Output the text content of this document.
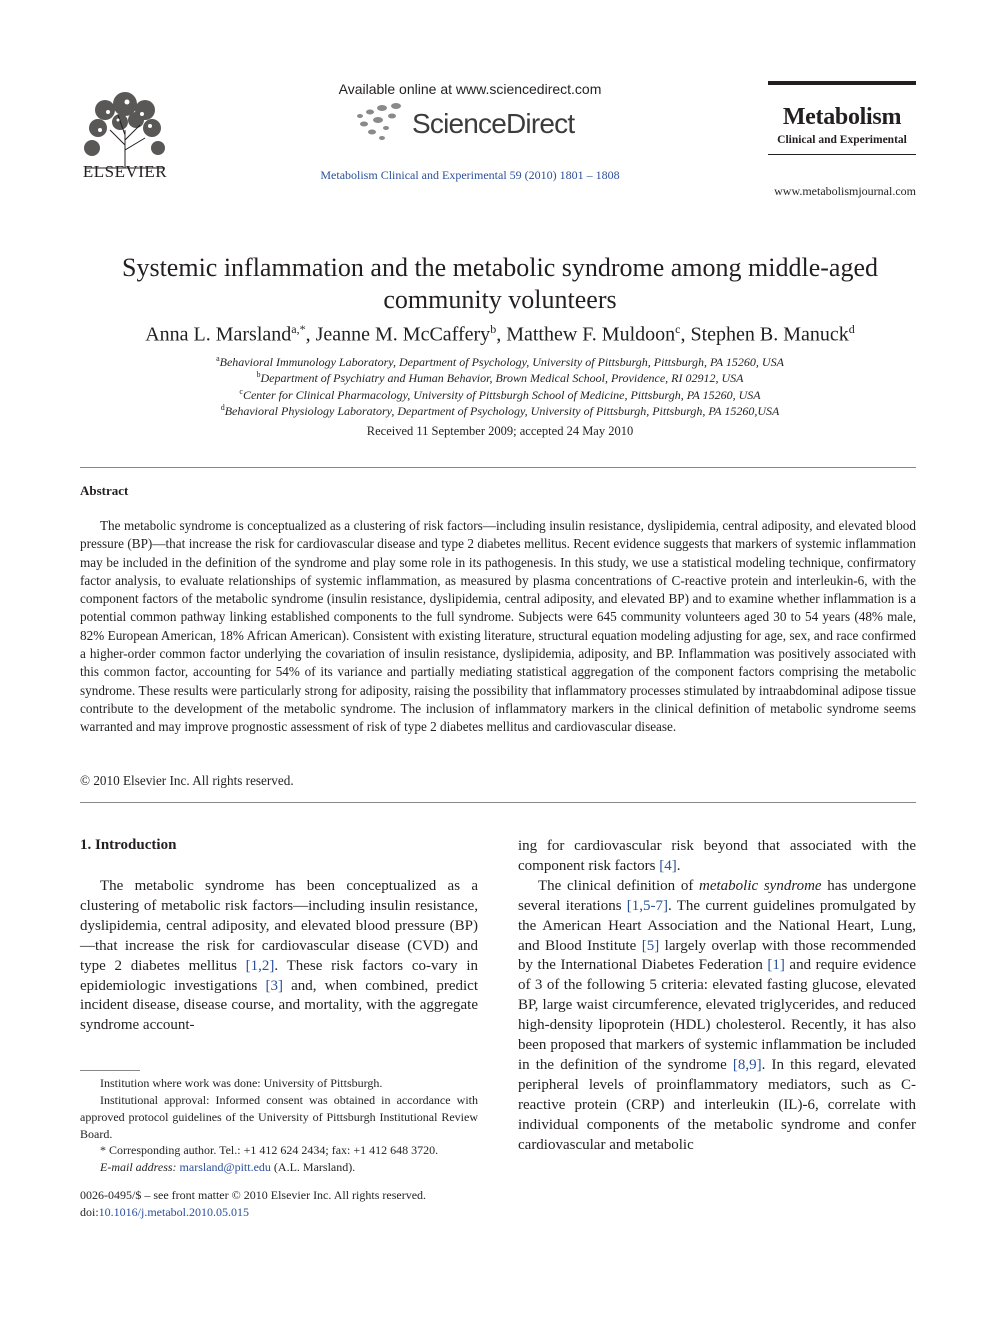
ELSEVIER
Available online at www.sciencedirect.com
ScienceDirect
Metabolism Clinical and Experimental 59 (2010) 1801 – 1808
Metabolism
Clinical and Experimental
www.metabolismjournal.com
Systemic inflammation and the metabolic syndrome among middle-aged
community volunteers
Anna L. Marsland$^{a,*}$, Jeanne M. McCaffery$^b$, Matthew F. Muldoon$^c$, Stephen B. Manuck$^d$
$^a$Behavioral Immunology Laboratory, Department of Psychology, University of Pittsburgh, Pittsburgh, PA 15260, USA
$^b$Department of Psychiatry and Human Behavior, Brown Medical School, Providence, RI 02912, USA
$^c$Center for Clinical Pharmacology, University of Pittsburgh School of Medicine, Pittsburgh, PA 15260, USA
$^d$Behavioral Physiology Laboratory, Department of Psychology, University of Pittsburgh, Pittsburgh, PA 15260,USA
Received 11 September 2009; accepted 24 May 2010
Abstract
The metabolic syndrome is conceptualized as a clustering of risk factors—including insulin resistance, dyslipidemia, central adiposity, and elevated blood pressure (BP)—that increase the risk for cardiovascular disease and type 2 diabetes mellitus. Recent evidence suggests that markers of systemic inflammation may be included in the definition of the syndrome and play some role in its pathogenesis. In this study, we use a statistical modeling technique, confirmatory factor analysis, to evaluate relationships of systemic inflammation, as measured by plasma concentrations of C-reactive protein and interleukin-6, with the component factors of the metabolic syndrome (insulin resistance, dyslipidemia, central adiposity, and elevated BP) and to examine whether inflammation is a potential common pathway linking established components to the full syndrome. Subjects were 645 community volunteers aged 30 to 54 years (48% male, 82% European American, 18% African American). Consistent with existing literature, structural equation modeling adjusting for age, sex, and race confirmed a higher-order common factor underlying the covariation of insulin resistance, dyslipidemia, adiposity, and BP. Inflammation was positively associated with this common factor, accounting for 54% of its variance and partially mediating statistical aggregation of the component factors comprising the metabolic syndrome. These results were particularly strong for adiposity, raising the possibility that inflammatory processes stimulated by intraabdominal adipose tissue contribute to the development of the metabolic syndrome. The inclusion of inflammatory markers in the clinical definition of metabolic syndrome seems warranted and may improve prognostic assessment of risk of type 2 diabetes mellitus and cardiovascular disease.
© 2010 Elsevier Inc. All rights reserved.
1. Introduction
The metabolic syndrome has been conceptualized as a clustering of metabolic risk factors—including insulin resistance, dyslipidemia, central adiposity, and elevated blood pressure (BP)—that increase the risk for cardiovascular disease (CVD) and type 2 diabetes mellitus [1,2]. These risk factors co-vary in epidemiologic investigations [3] and, when combined, predict incident disease, disease course, and mortality, with the aggregate syndrome account-

ing for cardiovascular risk beyond that associated with the component risk factors [4].

The clinical definition of metabolic syndrome has undergone several iterations [1,5-7]. The current guidelines promulgated by the American Heart Association and the National Heart, Lung, and Blood Institute [5] largely overlap with those recommended by the International Diabetes Federation [1] and require evidence of 3 of the following 5 criteria: elevated fasting glucose, elevated BP, large waist circumference, elevated triglycerides, and reduced high-density lipoprotein (HDL) cholesterol. Recently, it has also been proposed that markers of systemic inflammation be included in the definition of the syndrome [8,9]. In this regard, elevated peripheral levels of proinflammatory mediators, such as C-reactive protein (CRP) and interleukin (IL)-6, correlate with individual components of the metabolic syndrome and confer cardiovascular and metabolic

Institution where work was done: University of Pittsburgh.
Institutional approval: Informed consent was obtained in accordance with approved protocol guidelines of the University of Pittsburgh Institutional Review Board.
* Corresponding author. Tel.: +1 412 624 2434; fax: +1 412 648 3720.
E-mail address: marsland@pitt.edu (A.L. Marsland).
0026-0495/$ – see front matter © 2010 Elsevier Inc. All rights reserved.
doi:10.1016/j.metabol.2010.05.015
